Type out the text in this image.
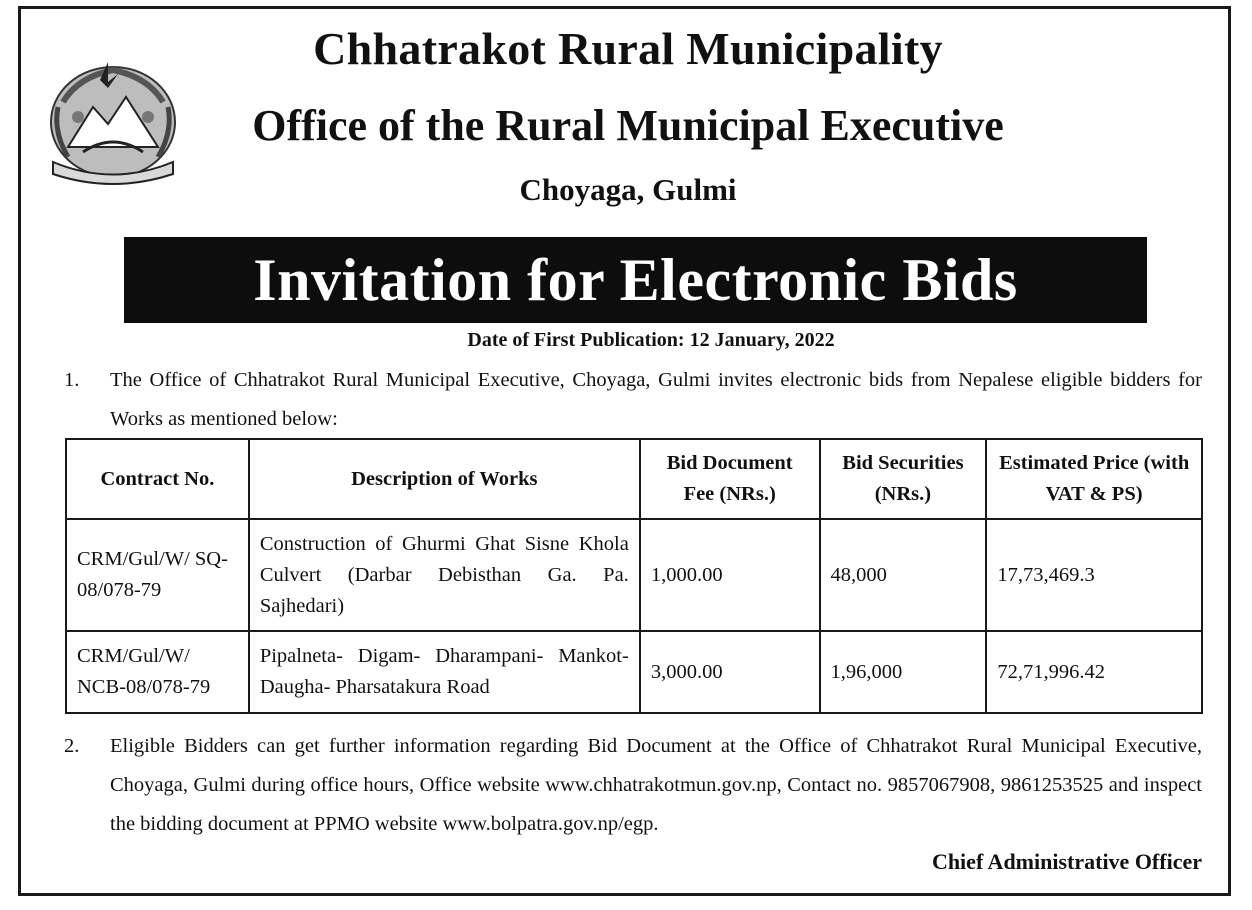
Chhatrakot Rural Municipality
Office of the Rural Municipal Executive
Choyaga, Gulmi
Invitation for Electronic Bids
Date of First Publication: 12 January, 2022
1. The Office of Chhatrakot Rural Municipal Executive, Choyaga, Gulmi invites electronic bids from Nepalese eligible bidders for Works as mentioned below:
Contract No.	Description of Works	Bid Document Fee (NRs.)	Bid Securities (NRs.)	Estimated Price (with VAT & PS)
CRM/Gul/W/ SQ-08/078-79	Construction of Ghurmi Ghat Sisne Khola Culvert (Darbar Debisthan Ga. Pa. Sajhedari)	1,000.00	48,000	17,73,469.3
CRM/Gul/W/ NCB-08/078-79	Pipalneta- Digam- Dharampani- Mankot- Daugha- Pharsatakura Road	3,000.00	1,96,000	72,71,996.42
2. Eligible Bidders can get further information regarding Bid Document at the Office of Chhatrakot Rural Municipal Executive, Choyaga, Gulmi during office hours, Office website www.chhatrakotmun.gov.np, Contact no. 9857067908, 9861253525 and inspect the bidding document at PPMO website www.bolpatra.gov.np/egp.
Chief Administrative Officer
